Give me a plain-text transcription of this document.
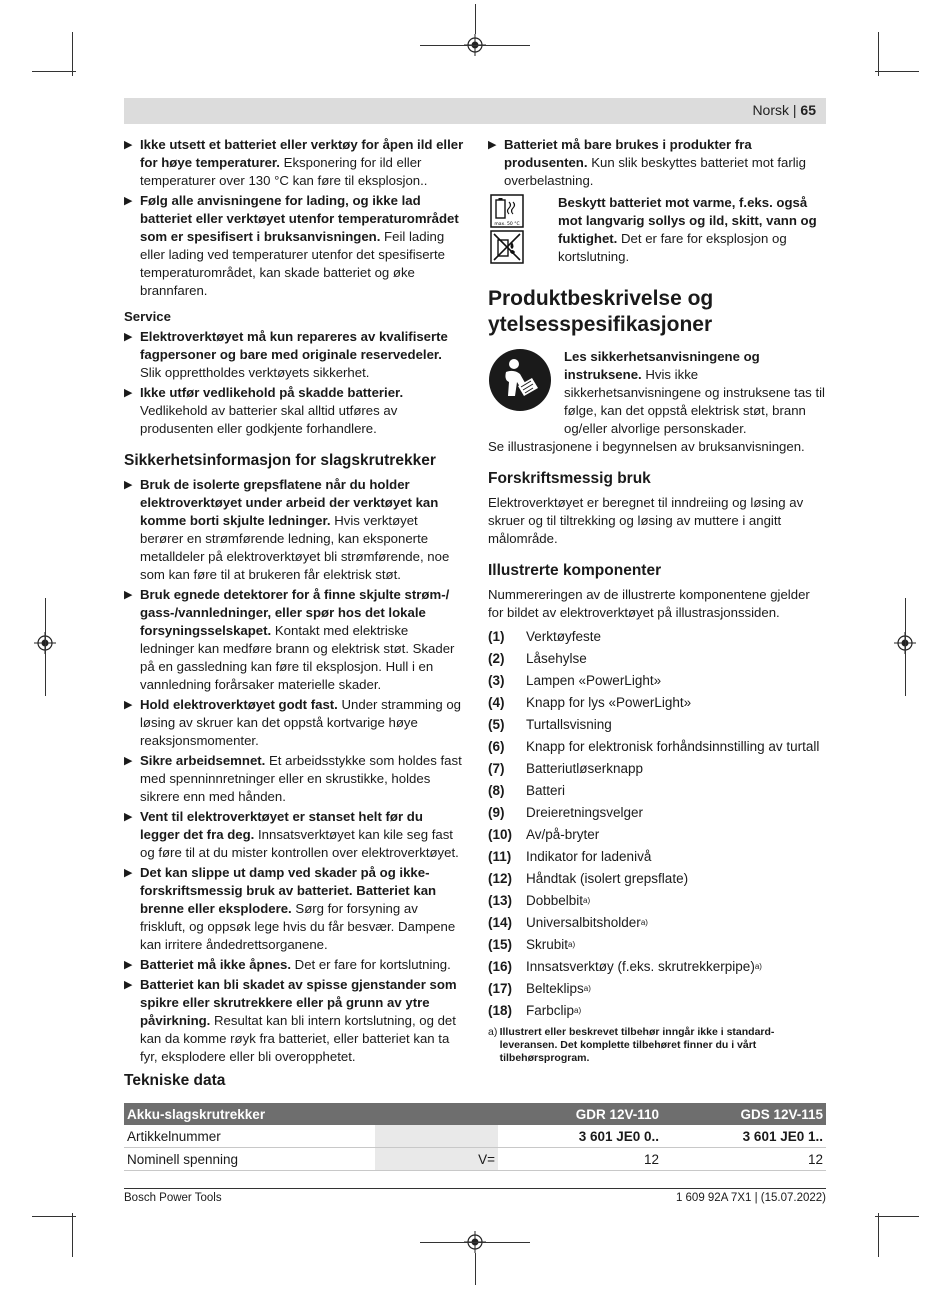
Norsk | 65
▶ Ikke utsett et batteriet eller verktøy for åpen ild eller for høye temperaturer. Eksponering for ild eller temperaturer over 130 °C kan føre til eksplosjon..
▶ Følg alle anvisningene for lading, og ikke lad batteriet eller verktøyet utenfor temperaturområdet som er spesifisert i bruksanvisningen. Feil lading eller lading ved temperaturer utenfor det spesifiserte temperaturområdet, kan skade batteriet og øke brannfaren.
Service
▶ Elektroverktøyet må kun repareres av kvalifiserte fagpersoner og bare med originale reservedeler. Slik opprettholdes verktøyets sikkerhet.
▶ Ikke utfør vedlikehold på skadde batterier. Vedlikehold av batterier skal alltid utføres av produsenten eller godkjente forhandlere.
Sikkerhetsinformasjon for slagskrutrekker
▶ Bruk de isolerte grepsflatene når du holder elektroverktøyet under arbeid der verktøyet kan komme borti skjulte ledninger. Hvis verktøyet berører en strømførende ledning, kan eksponerte metalldeler på elektroverktøyet bli strømførende, noe som kan føre til at brukeren får elektrisk støt.
▶ Bruk egnede detektorer for å finne skjulte strøm-/ gass-/vannledninger, eller spør hos det lokale forsyningsselskapet. Kontakt med elektriske ledninger kan medføre brann og elektrisk støt. Skader på en gassledning kan føre til eksplosjon. Hull i en vannledning forårsaker materielle skader.
▶ Hold elektroverktøyet godt fast. Under stramming og løsing av skruer kan det oppstå kortvarige høye reaksjonsmomenter.
▶ Sikre arbeidsemnet. Et arbeidsstykke som holdes fast med spenninnretninger eller en skrustikke, holdes sikrere enn med hånden.
▶ Vent til elektroverktøyet er stanset helt før du legger det fra deg. Innsatsverktøyet kan kile seg fast og føre til at du mister kontrollen over elektroverktøyet.
▶ Det kan slippe ut damp ved skader på og ikke-forskriftsmessig bruk av batteriet. Batteriet kan brenne eller eksplodere. Sørg for forsyning av friskluft, og oppsøk lege hvis du får besvær. Dampene kan irritere åndedrettsorganene.
▶ Batteriet må ikke åpnes. Det er fare for kortslutning.
▶ Batteriet kan bli skadet av spisse gjenstander som spikre eller skrutrekkere eller på grunn av ytre påvirkning. Resultat kan bli intern kortslutning, og det kan da komme røyk fra batteriet, eller batteriet kan ta fyr, eksplodere eller bli overopphetet.
▶ Batteriet må bare brukes i produkter fra produsenten. Kun slik beskyttes batteriet mot farlig overbelastning.
max. 50 °C
Beskytt batteriet mot varme, f.eks. også mot langvarig sollys og ild, skitt, vann og fuktighet. Det er fare for eksplosjon og kortslutning.
Produktbeskrivelse og ytelsesspesifikasjoner
Les sikkerhetsanvisningene og instruksene. Hvis ikke sikkerhetsanvisningene og instruksene tas til følge, kan det oppstå elektrisk støt, brann og/eller alvorlige personskader.
Se illustrasjonene i begynnelsen av bruksanvisningen.
Forskriftsmessig bruk
Elektroverktøyet er beregnet til inndreiing og løsing av skruer og til tiltrekking og løsing av muttere i angitt målområde.
Illustrerte komponenter
Nummereringen av de illustrerte komponentene gjelder for bildet av elektroverktøyet på illustrasjonssiden.
(1)	Verktøyfeste
(2)	Låsehylse
(3)	Lampen «PowerLight»
(4)	Knapp for lys «PowerLight»
(5)	Turtallsvisning
(6)	Knapp for elektronisk forhåndsinnstilling av turtall
(7)	Batteriutløserknapp
(8)	Batteri
(9)	Dreieretningsvelger
(10)	Av/på-bryter
(11)	Indikator for ladenivå
(12)	Håndtak (isolert grepsflate)
(13)	Dobbelbit a)
(14)	Universalbitsholder a)
(15)	Skrubit a)
(16)	Innsatsverktøy (f.eks. skrutrekkerpipe) a)
(17)	Belteklips a)
(18)	Farbclip a)
a) Illustrert eller beskrevet tilbehør inngår ikke i standard-leveransen. Det komplette tilbehøret finner du i vårt tilbehørsprogram.
Tekniske data
Akku-slagskrutrekker		GDR 12V-110	GDS 12V-115
Artikkelnummer		3 601 JE0 0..	3 601 JE0 1..
Nominell spenning	V=	12	12
Bosch Power Tools	1 609 92A 7X1 | (15.07.2022)
